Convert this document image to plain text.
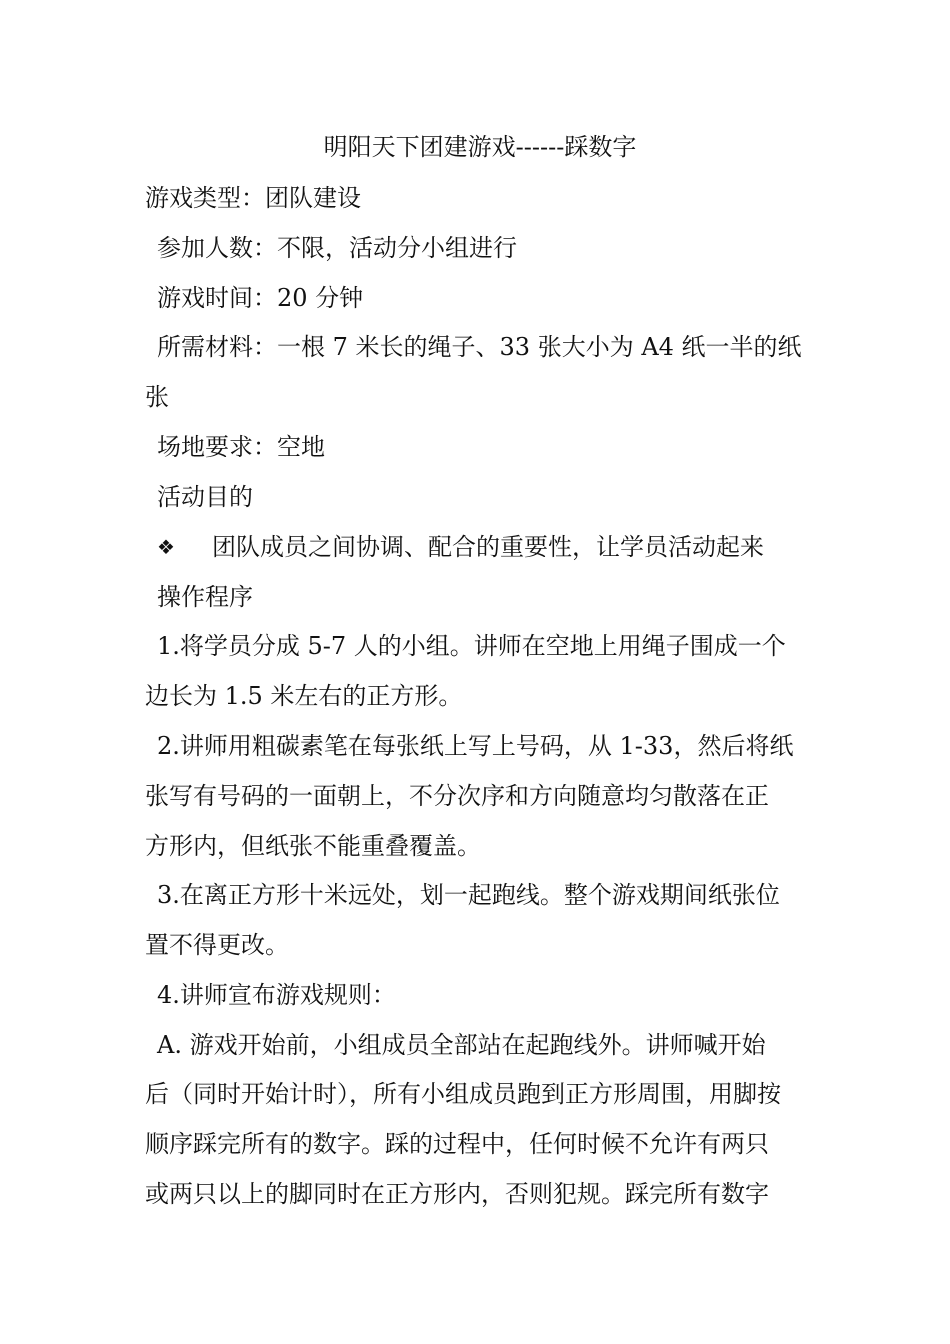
明阳天下团建游戏------踩数字
游戏类型：团队建设
参加人数：不限，活动分小组进行
游戏时间：20 分钟
所需材料：一根 7 米长的绳子、33 张大小为 A4 纸一半的纸
张
场地要求：空地
活动目的
❖ 团队成员之间协调、配合的重要性，让学员活动起来
操作程序
1.将学员分成 5-7 人的小组。讲师在空地上用绳子围成一个
边长为 1.5 米左右的正方形。
2.讲师用粗碳素笔在每张纸上写上号码，从 1-33，然后将纸
张写有号码的一面朝上，不分次序和方向随意均匀散落在正
方形内，但纸张不能重叠覆盖。
3.在离正方形十米远处，划一起跑线。整个游戏期间纸张位
置不得更改。
4.讲师宣布游戏规则：
A. 游戏开始前，小组成员全部站在起跑线外。讲师喊开始
后（同时开始计时），所有小组成员跑到正方形周围，用脚按
顺序踩完所有的数字。踩的过程中，任何时候不允许有两只
或两只以上的脚同时在正方形内，否则犯规。踩完所有数字
